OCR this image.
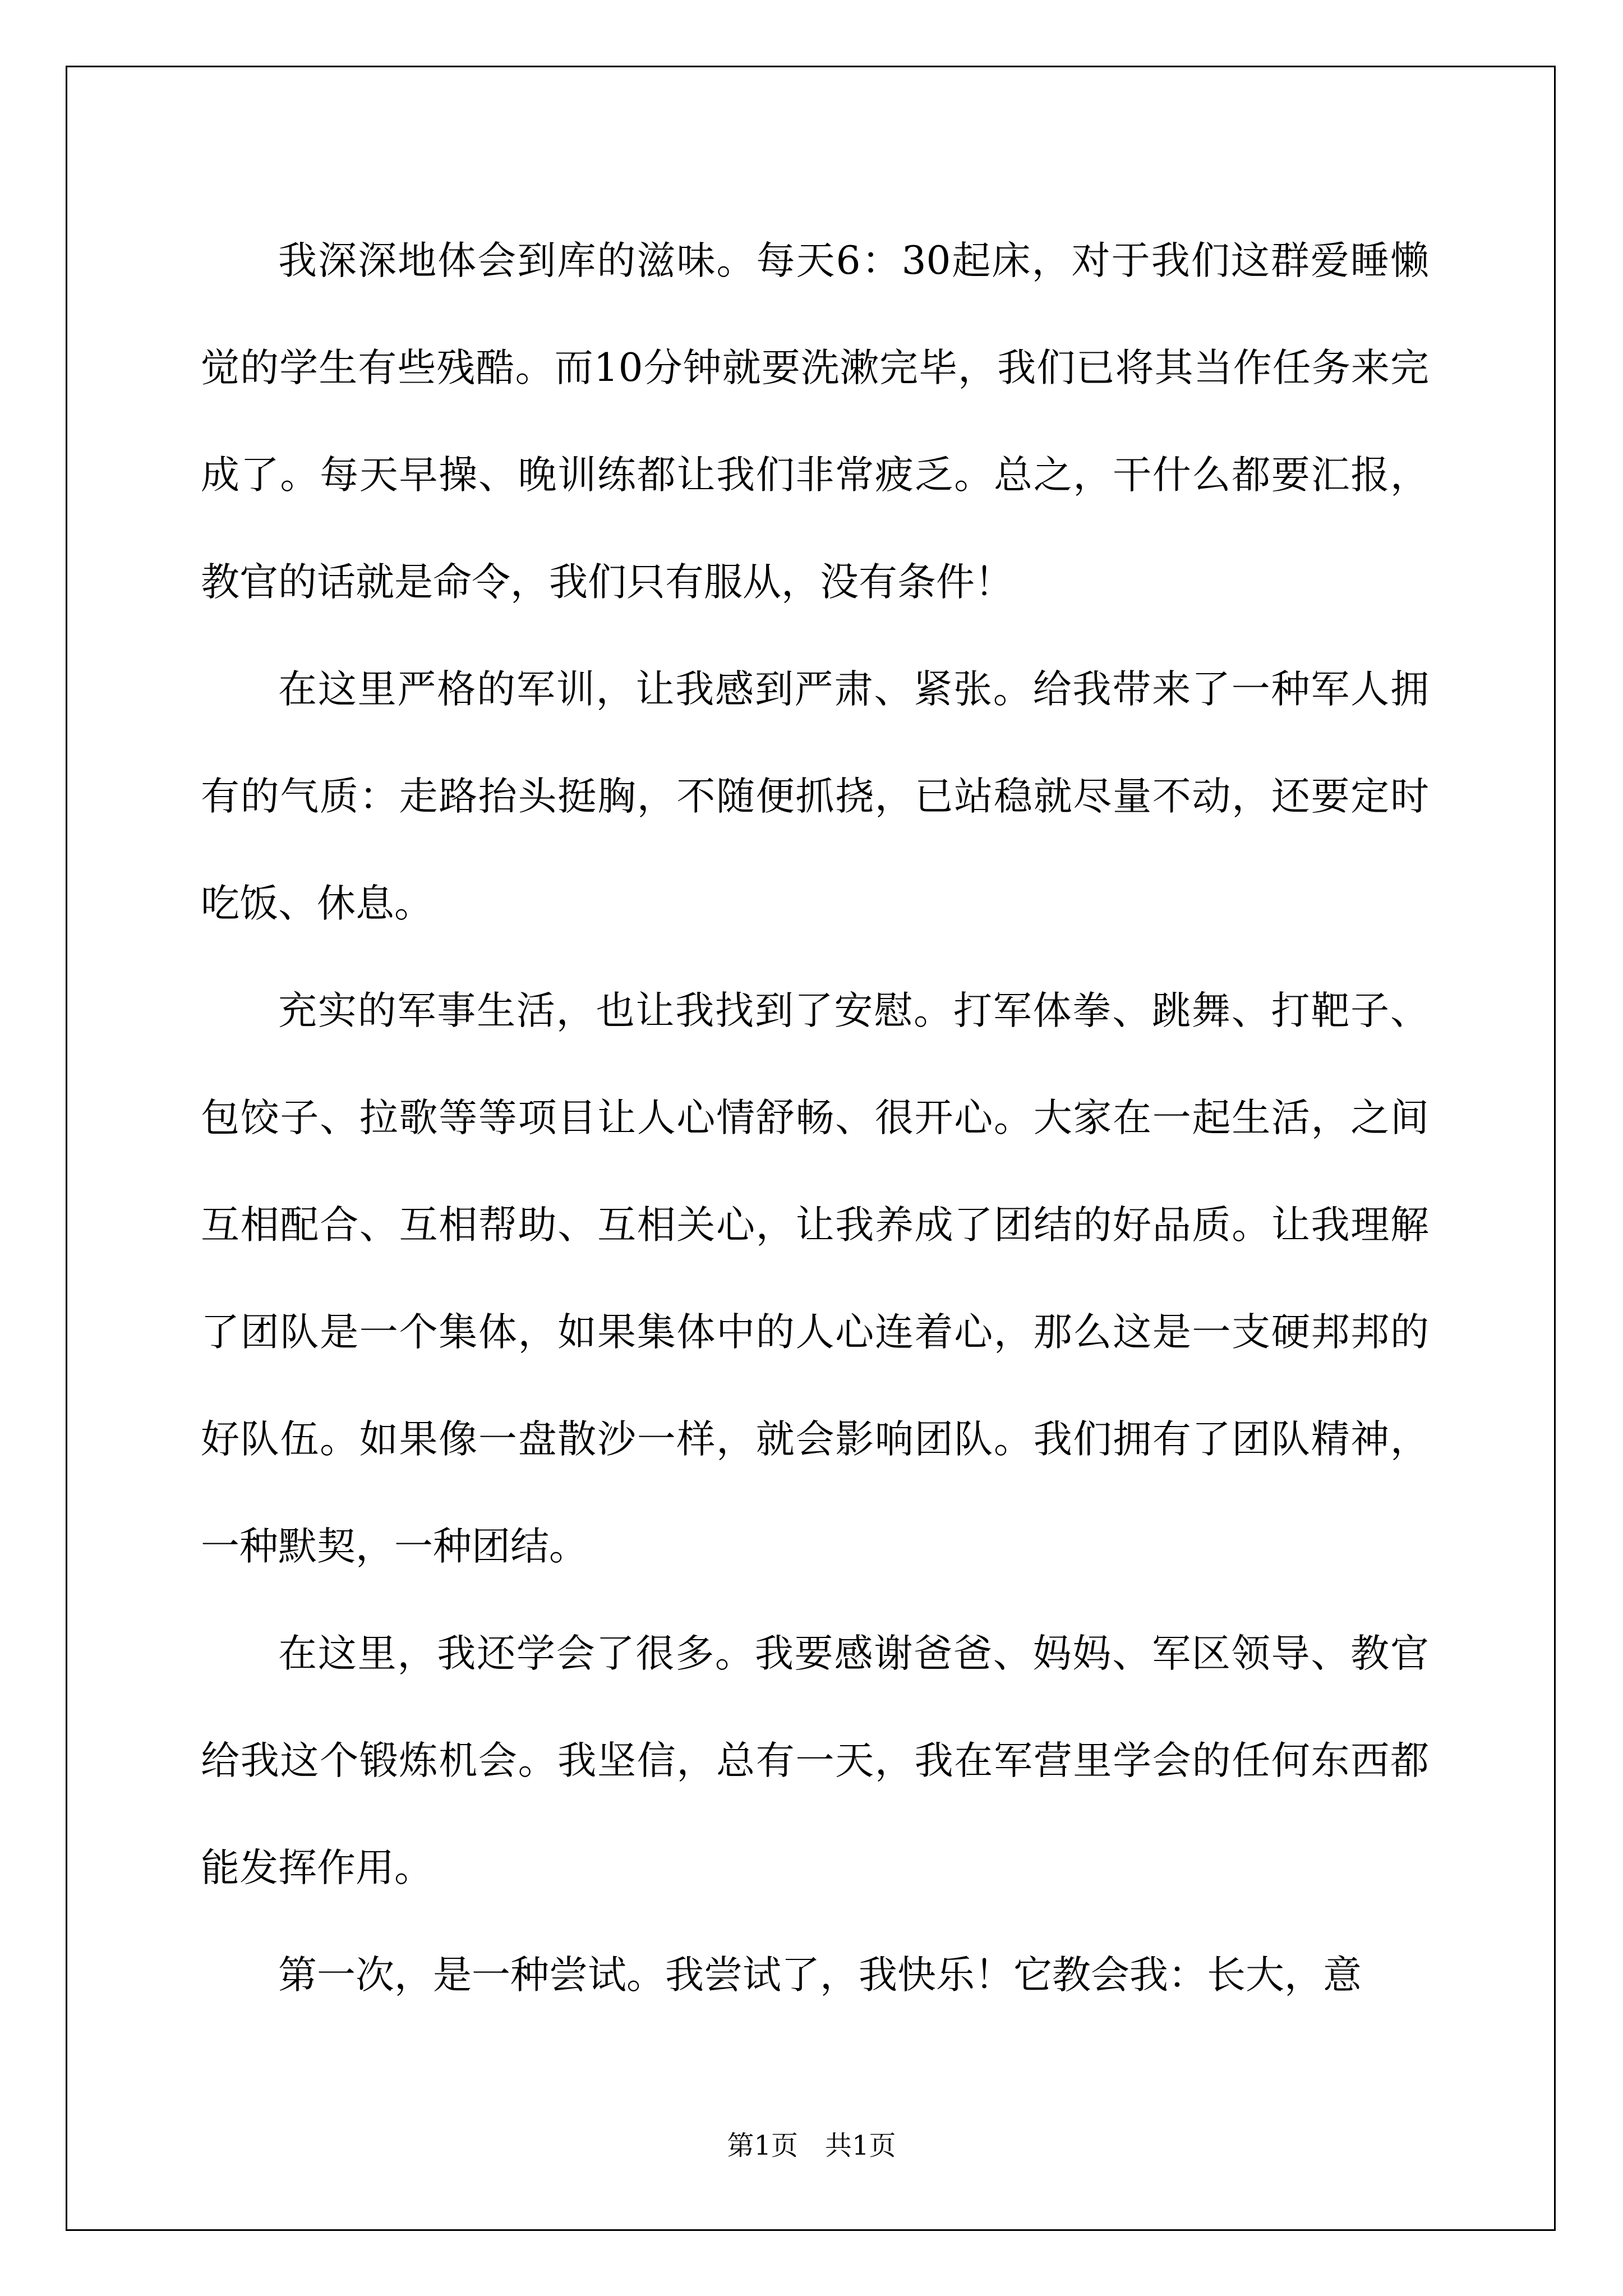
我深深地体会到库的滋味。每天6：30起床，对于我们这群爱睡懒觉的学生有些残酷。而10分钟就要洗漱完毕，我们已将其当作任务来完成了。每天早操、晚训练都让我们非常疲乏。总之，干什么都要汇报，教官的话就是命令，我们只有服从，没有条件！

在这里严格的军训，让我感到严肃、紧张。给我带来了一种军人拥有的气质：走路抬头挺胸，不随便抓挠，已站稳就尽量不动，还要定时吃饭、休息。

充实的军事生活，也让我找到了安慰。打军体拳、跳舞、打靶子、包饺子、拉歌等等项目让人心情舒畅、很开心。大家在一起生活，之间互相配合、互相帮助、互相关心，让我养成了团结的好品质。让我理解了团队是一个集体，如果集体中的人心连着心，那么这是一支硬邦邦的好队伍。如果像一盘散沙一样，就会影响团队。我们拥有了团队精神，一种默契，一种团结。

在这里，我还学会了很多。我要感谢爸爸、妈妈、军区领导、教官给我这个锻炼机会。我坚信，总有一天，我在军营里学会的任何东西都能发挥作用。

第一次，是一种尝试。我尝试了，我快乐！它教会我：长大，意

第1页 共1页
